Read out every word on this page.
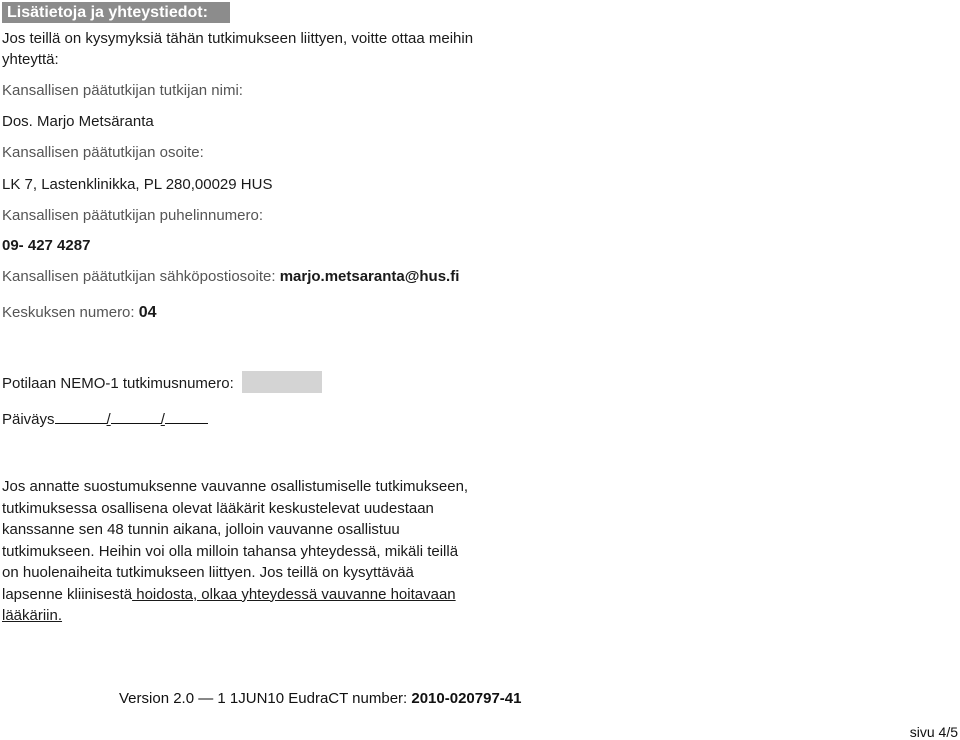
Lisätietoja ja yhteystiedot:

Jos teillä on kysymyksiä tähän tutkimukseen liittyen, voitte ottaa meihin

yhteyttä:

Kansallisen päätutkijan tutkijan nimi:

Dos. Marjo Metsäranta

Kansallisen päätutkijan osoite:

LK 7, Lastenklinikka, PL 280,00029 HUS

Kansallisen päätutkijan puhelinnumero:

09- 427 4287

Kansallisen päätutkijan sähköpostiosoite: marjo.metsaranta@hus.fi

Keskuksen numero: 04

Potilaan NEMO-1 tutkimusnumero:

Päiväys	/	/

Jos annatte suostumuksenne vauvanne osallistumiselle tutkimukseen,
tutkimuksessa osallisena olevat lääkärit keskustelevat uudestaan
kanssanne sen 48 tunnin aikana, jolloin vauvanne osallistuu
tutkimukseen. Heihin voi olla milloin tahansa yhteydessä, mikäli teillä
on huolenaiheita tutkimukseen liittyen. Jos teillä on kysyttävää
lapsenne kliinisestä hoidosta, olkaa yhteydessä vauvanne hoitavaan
lääkäriin.

Version 2.0 — 1 1JUN10 EudraCT number: 2010-020797-41

sivu 4/5
